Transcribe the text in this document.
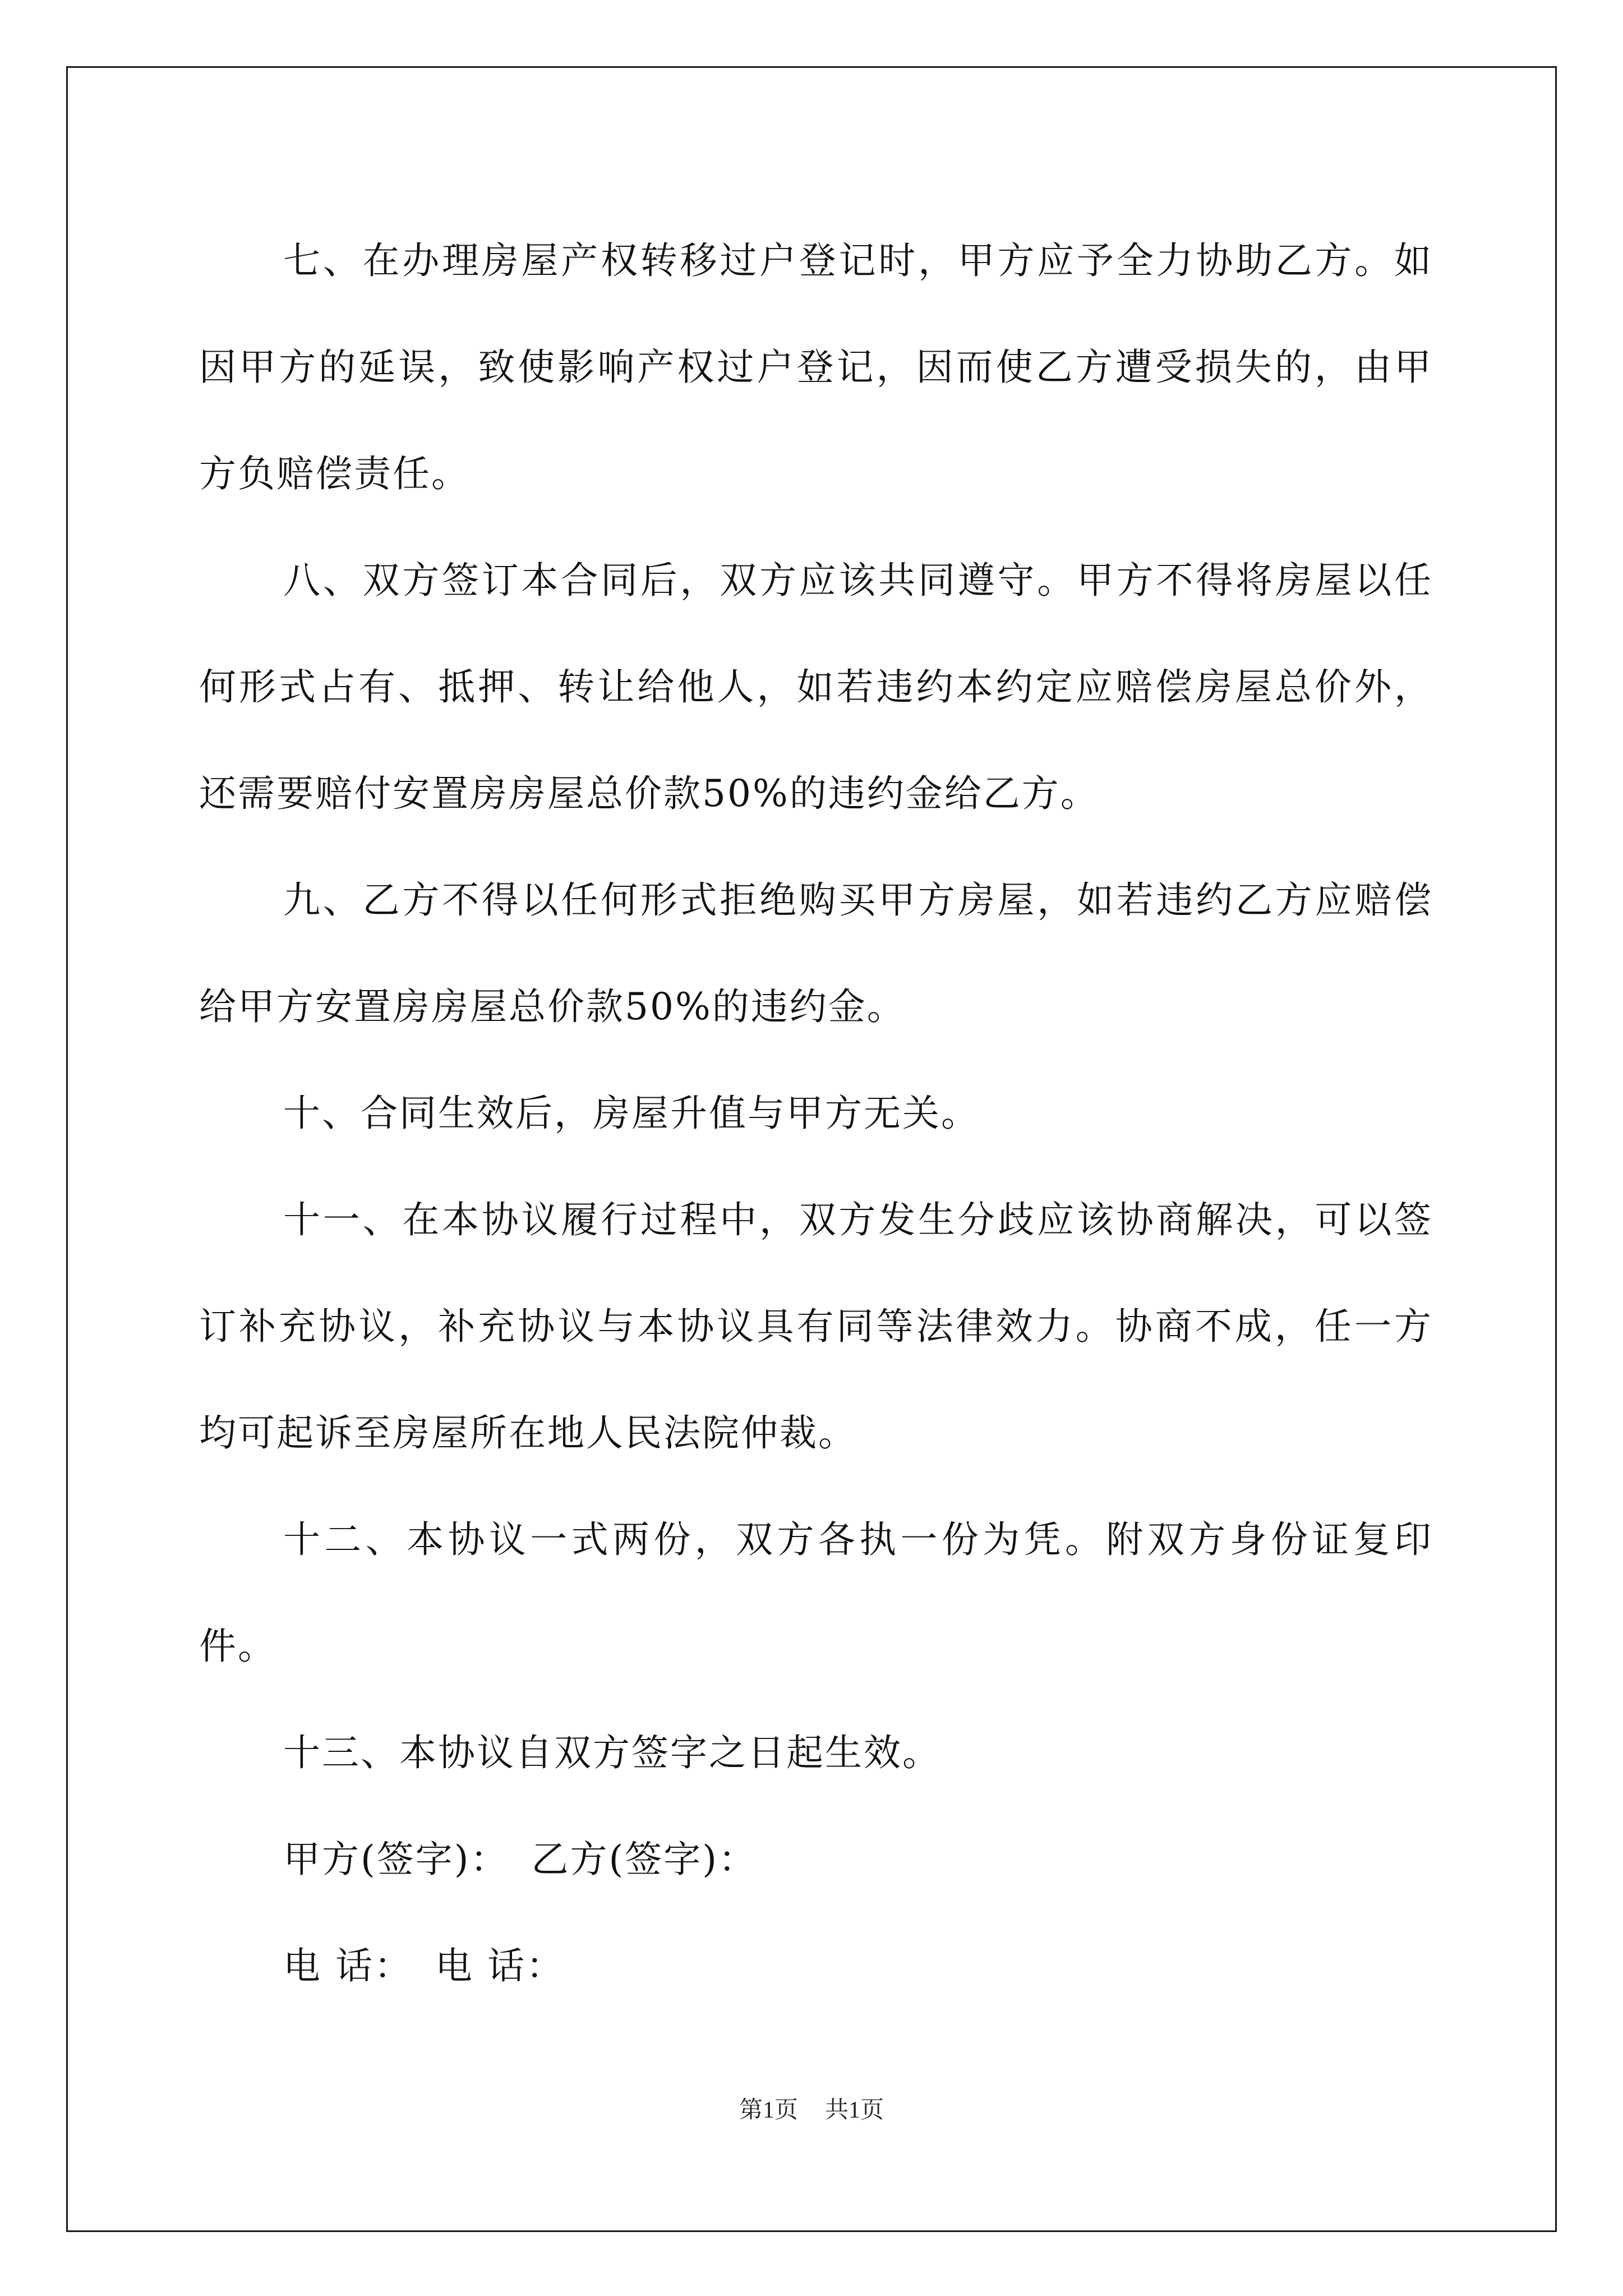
七、在办理房屋产权转移过户登记时，甲方应予全力协助乙方。如因甲方的延误，致使影响产权过户登记，因而使乙方遭受损失的，由甲方负赔偿责任。

八、双方签订本合同后，双方应该共同遵守。甲方不得将房屋以任何形式占有、抵押、转让给他人，如若违约本约定应赔偿房屋总价外，还需要赔付安置房房屋总价款50%的违约金给乙方。

九、乙方不得以任何形式拒绝购买甲方房屋，如若违约乙方应赔偿给甲方安置房房屋总价款50%的违约金。

十、合同生效后，房屋升值与甲方无关。

十一、在本协议履行过程中，双方发生分歧应该协商解决，可以签订补充协议，补充协议与本协议具有同等法律效力。协商不成，任一方均可起诉至房屋所在地人民法院仲裁。

十二、本协议一式两份，双方各执一份为凭。附双方身份证复印件。

十三、本协议自双方签字之日起生效。

甲方(签字)： 乙方(签字)：

电 话： 电 话：

第1页 共1页
